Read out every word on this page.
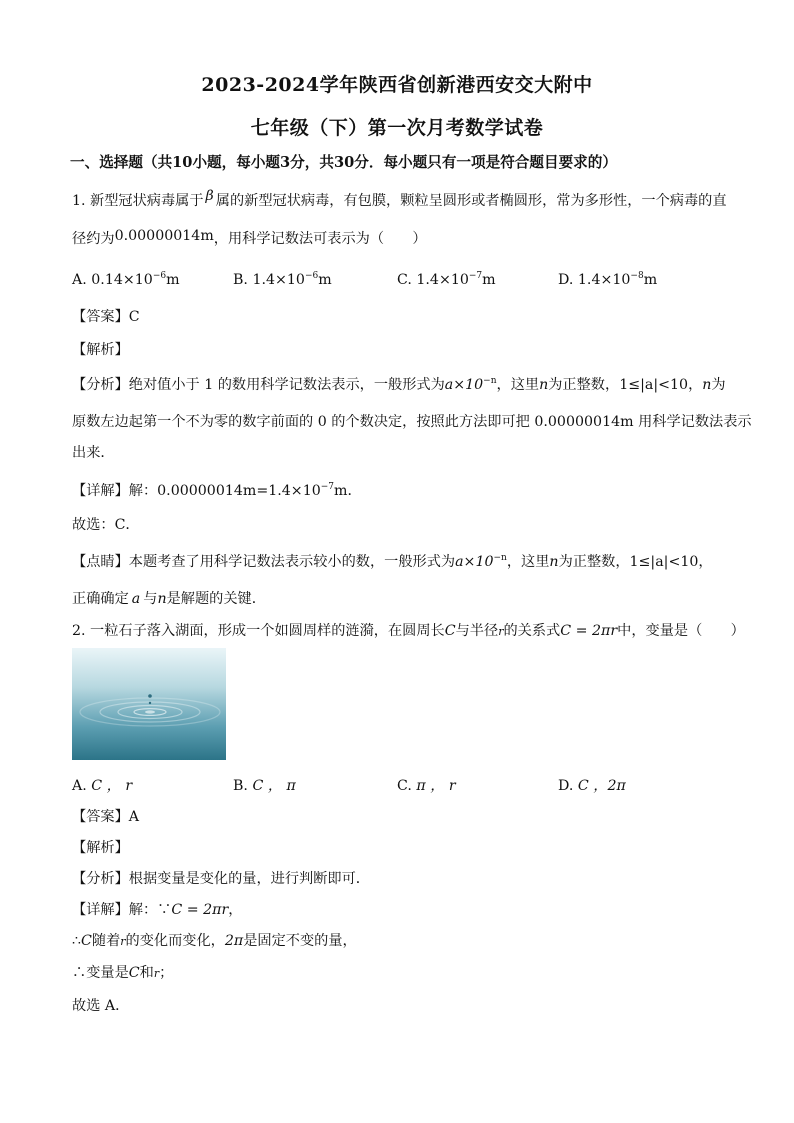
2023-2024学年陕西省创新港西安交大附中
七年级（下）第一次月考数学试卷
一、选择题（共10小题，每小题3分，共30分．每小题只有一项是符合题目要求的）
1. 新型冠状病毒属于 β 属的新型冠状病毒，有包膜，颗粒呈圆形或者椭圆形，常为多形性，一个病毒的直
径约为0.00000014m，用科学记数法可表示为（　　）
A. $0.14\times 10^{-6}m$	B. $1.4\times 10^{-6}m$	C. $1.4\times 10^{-7}m$	D. $1.4\times 10^{-8}m$
【答案】C
【解析】
【分析】绝对值小于 1 的数用科学记数法表示，一般形式为$a\times 10^{-n}$，这里n为正整数，1≤|a|<10，n为
原数左边起第一个不为零的数字前面的 0 的个数决定，按照此方法即可把 0.00000014m 用科学记数法表示
出来．
【详解】解：$0.00000014m=1.4\times 10^{-7}m$．
故选：C．
【点睛】本题考查了用科学记数法表示较小的数，一般形式为$a\times 10^{-n}$，这里n为正整数，1≤|a|<10，
正确确定 a 与n是解题的关键．
2. 一粒石子落入湖面，形成一个如圆周样的涟漪，在圆周长C与半径r的关系式C = 2πr中，变量是（　　）
A. C ， r	B. C ， π	C. π ， r	D. C ，2π
【答案】A
【解析】
【分析】根据变量是变化的量，进行判断即可．
【详解】解：∵C = 2πr，
∴C随着r的变化而变化，2π是固定不变的量，
∴变量是C和r；
故选 A．
